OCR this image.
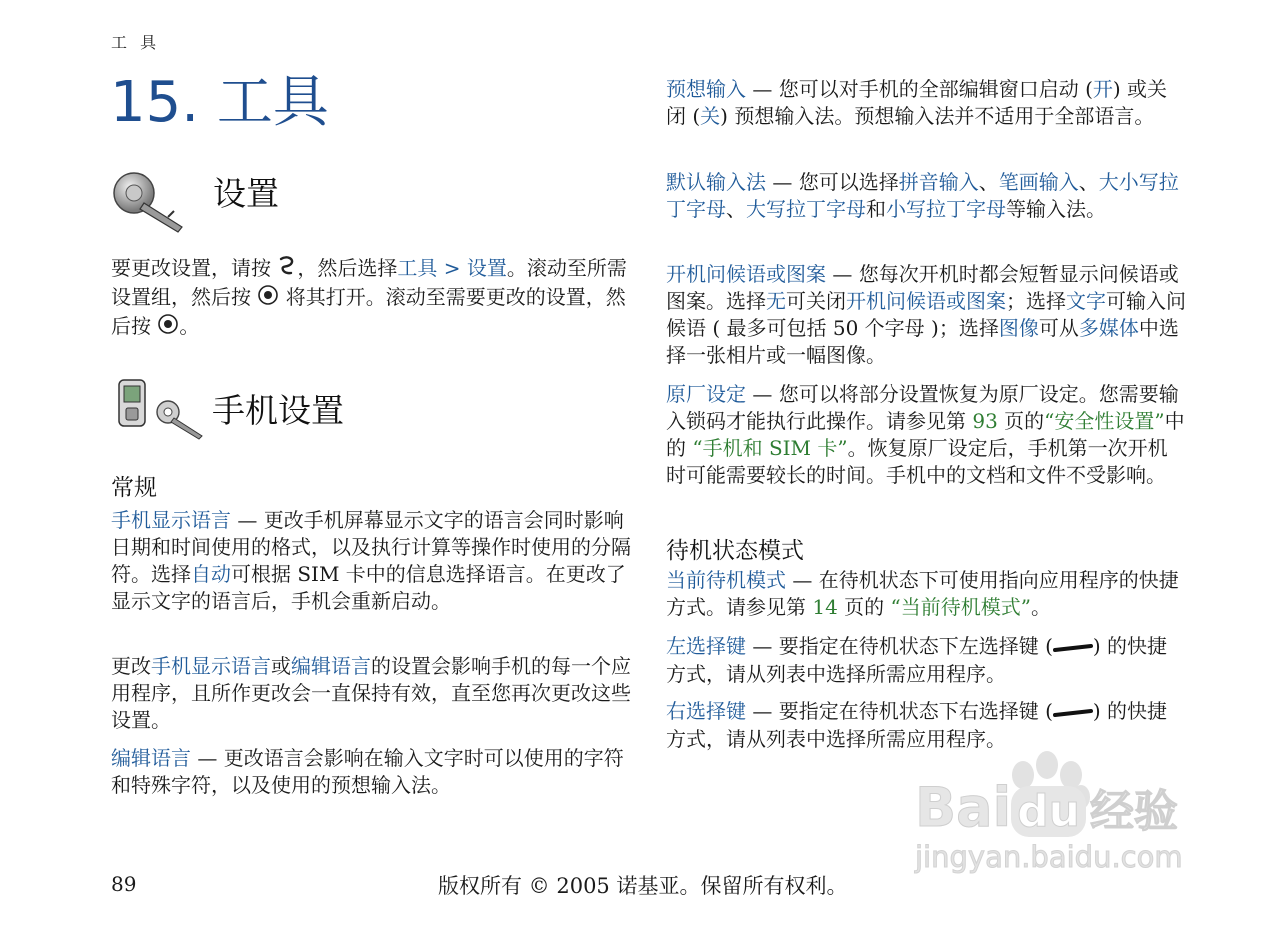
工 具
15. 工具
设置

要更改设置，请按 ，然后选择工具 > 设置。滚动至所需设置组，然后按  将其打开。滚动至需要更改的设置，然后按 。

手机设置
常规

手机显示语言 — 更改手机屏幕显示文字的语言会同时影响日期和时间使用的格式，以及执行计算等操作时使用的分隔符。选择自动可根据 SIM 卡中的信息选择语言。在更改了显示文字的语言后，手机会重新启动。

更改手机显示语言或编辑语言的设置会影响手机的每一个应用程序，且所作更改会一直保持有效，直至您再次更改这些设置。

编辑语言 — 更改语言会影响在输入文字时可以使用的字符和特殊字符，以及使用的预想输入法。

预想输入 — 您可以对手机的全部编辑窗口启动 (开) 或关闭 (关) 预想输入法。预想输入法并不适用于全部语言。

默认输入法 — 您可以选择拼音输入、笔画输入、大小写拉丁字母、大写拉丁字母和小写拉丁字母等输入法。

开机问候语或图案 — 您每次开机时都会短暂显示问候语或图案。选择无可关闭开机问候语或图案；选择文字可输入问候语 ( 最多可包括 50 个字母 )；选择图像可从多媒体中选择一张相片或一幅图像。

原厂设定 — 您可以将部分设置恢复为原厂设定。您需要输入锁码才能执行此操作。请参见第 93 页的“安全性设置”中的 “手机和 SIM 卡”。恢复原厂设定后，手机第一次开机时可能需要较长的时间。手机中的文档和文件不受影响。

待机状态模式

当前待机模式 — 在待机状态下可使用指向应用程序的快捷方式。请参见第 14 页的 “当前待机模式”。

左选择键 — 要指定在待机状态下左选择键 ( ) 的快捷方式，请从列表中选择所需应用程序。

右选择键 — 要指定在待机状态下右选择键 ( ) 的快捷方式，请从列表中选择所需应用程序。

Bai du 经验
jingyan.baidu.com
89	版权所有 © 2005 诺基亚。保留所有权利。
